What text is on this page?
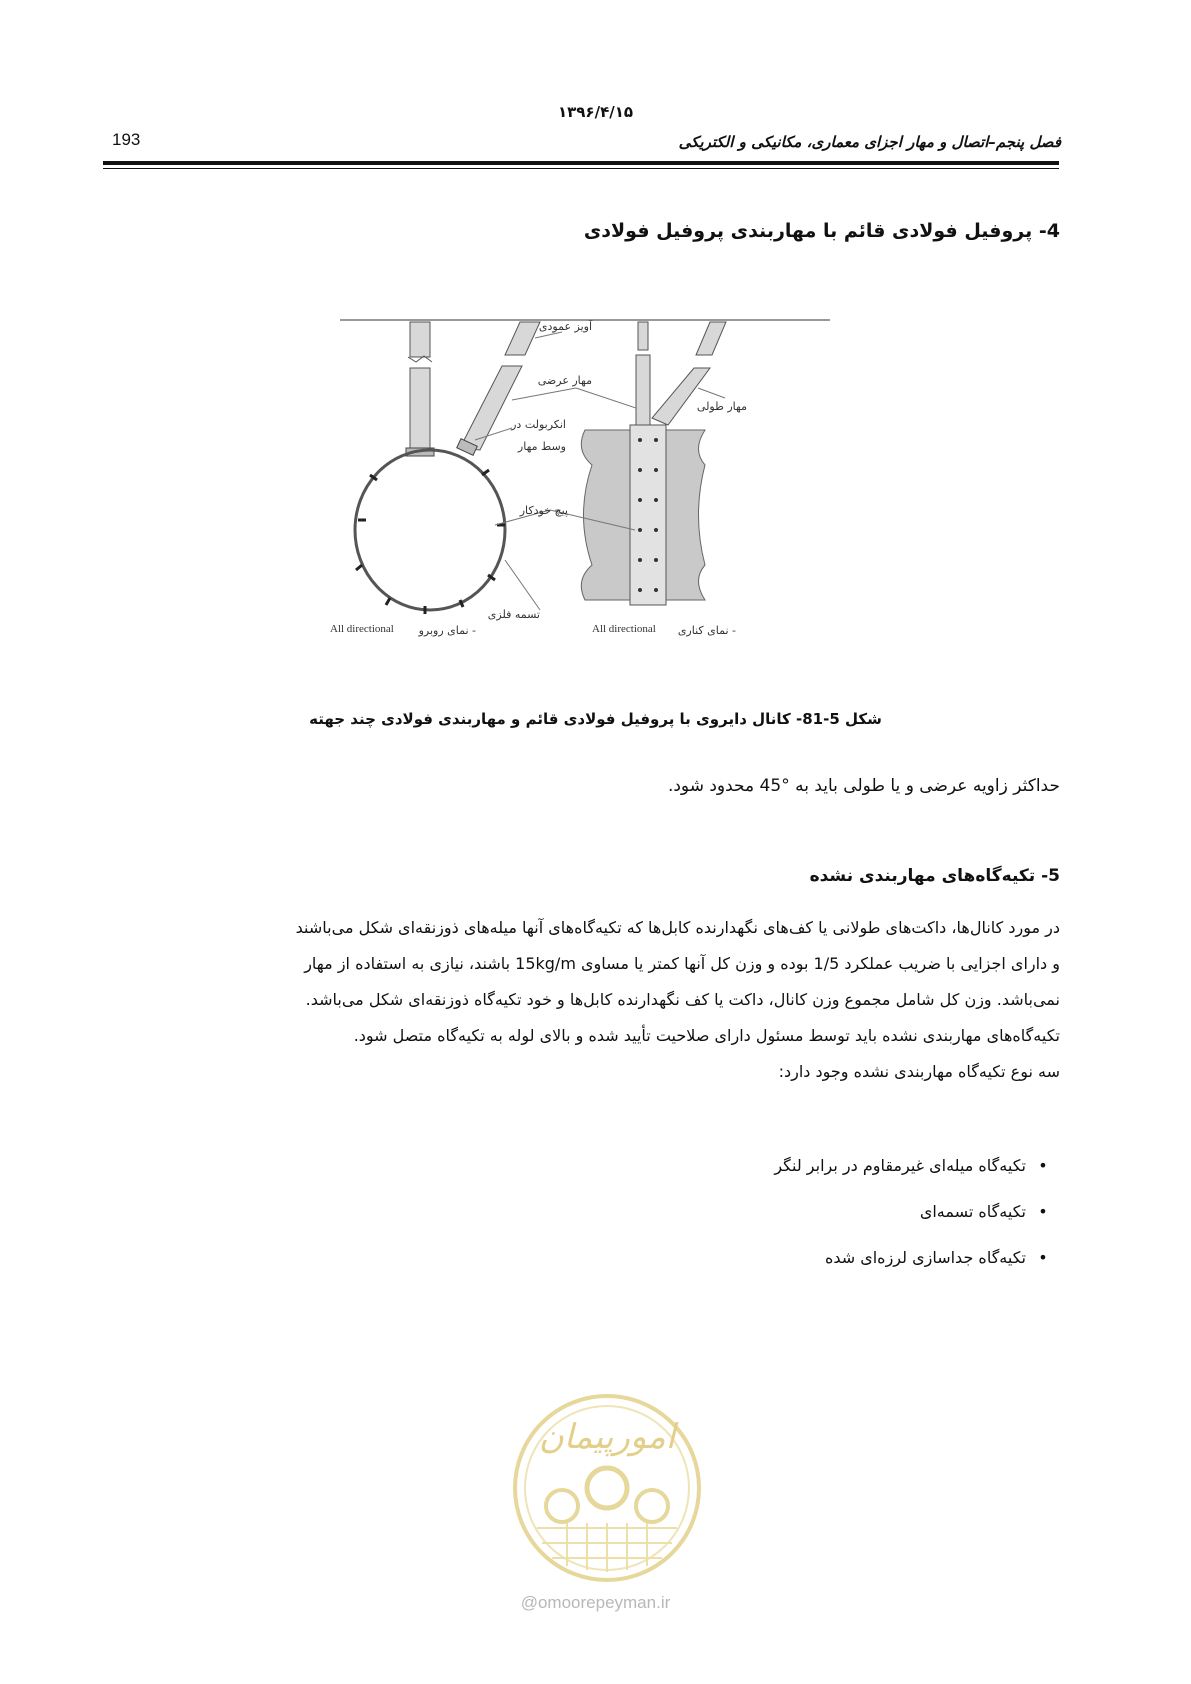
۱۳۹۶/۴/۱۵
193	فصل پنجم–اتصال و مهار اجزای معماری، مکانیکی و الکتریکی
4- پروفیل فولادی قائم با مهاربندی پروفیل فولادی
آویز عمودی
مهار عرضی
مهار طولی
انکربولت در
وسط مهار
پیچ خودکار
تسمه فلزی
نمای روبرو -
All directional	نمای کناری -
All directional
شکل 5-81- کانال دایروی با پروفیل فولادی قائم و مهاربندی فولادی چند جهته
حداکثر زاویه عرضی و یا طولی باید به °45 محدود شود.
5- تکیه‌گاه‌های مهاربندی نشده

در مورد کانال‌ها، داکت‌های طولانی یا کف‌های نگهدارنده کابل‌ها که تکیه‌گاه‌های آنها میله‌های ذوزنقه‌ای شکل می‌باشند

و دارای اجزایی با ضریب عملکرد 1/5 بوده و وزن کل آنها کمتر یا مساوی 15kg/m باشند، نیازی به استفاده از مهار

نمی‌باشد. وزن کل شامل مجموع وزن کانال، داکت یا کف نگهدارنده کابل‌ها و خود تکیه‌گاه ذوزنقه‌ای شکل می‌باشد.

تکیه‌گاه‌های مهاربندی نشده باید توسط مسئول دارای صلاحیت تأیید شده و بالای لوله به تکیه‌گاه متصل شود.

سه نوع تکیه‌گاه مهاربندی نشده وجود دارد:

•تکیه‌گاه میله‌ای غیرمقاوم در برابر لنگر
•تکیه‌گاه تسمه‌ای
•تکیه‌گاه جداسازی لرزه‌ای شده
امورپیمان
@omoorepeyman.ir
